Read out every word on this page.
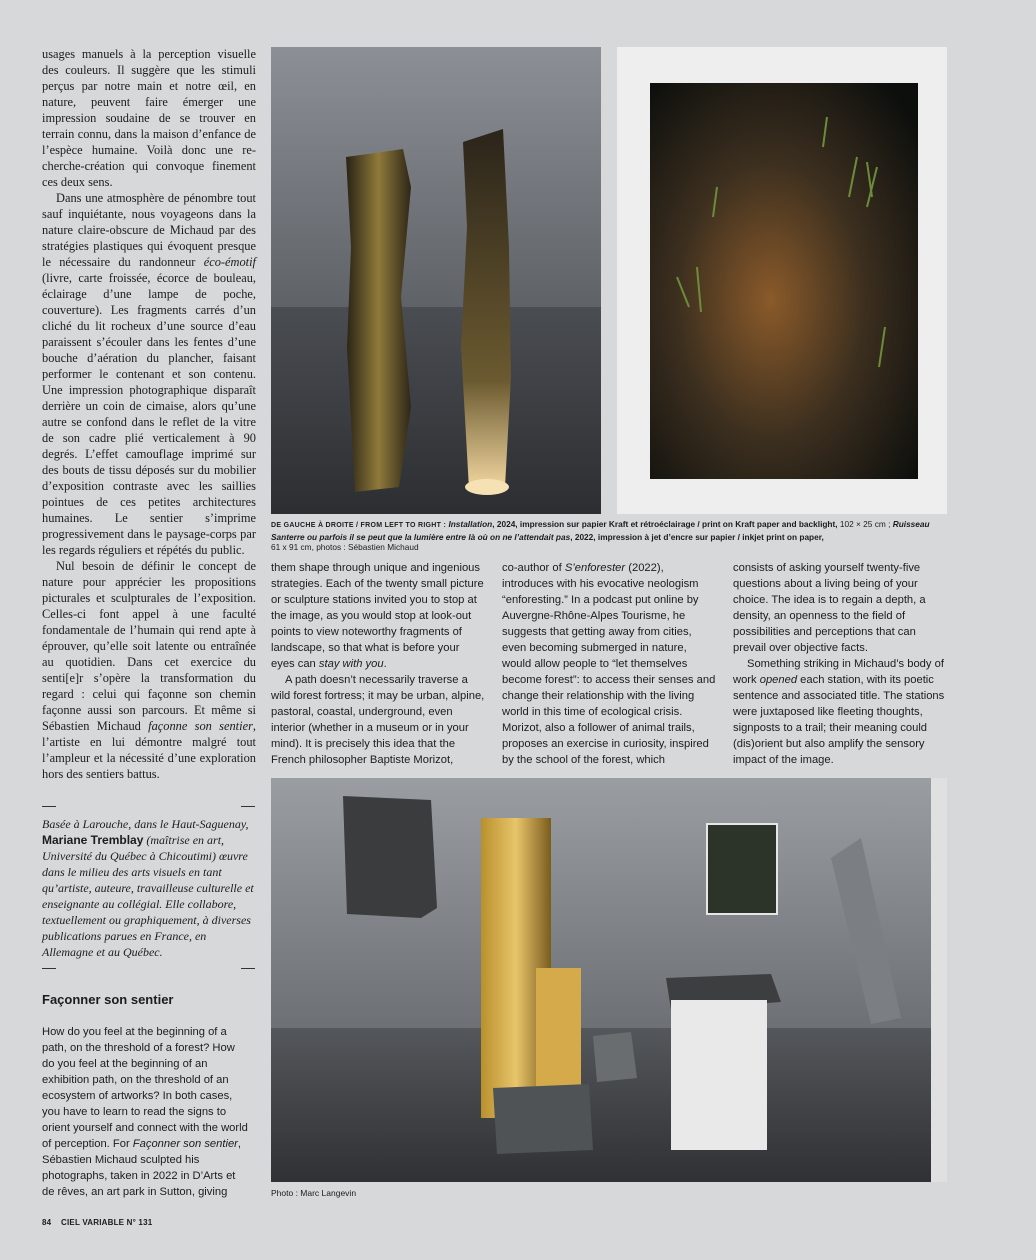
usages manuels à la perception visuelle des couleurs. Il suggère que les stimuli perçus par notre main et notre œil, en nature, peuvent faire émerger une impression soudaine de se trouver en terrain connu, dans la maison d’enfance de l’espèce humaine. Voilà donc une re-cherche-création qui convoque finement ces deux sens.

Dans une atmosphère de pénombre tout sauf inquiétante, nous voyageons dans la nature claire-obscure de Michaud par des stratégies plastiques qui évoquent presque le nécessaire du randonneur éco-émotif (livre, carte froissée, écorce de bouleau, éclairage d’une lampe de poche, couverture). Les fragments carrés d’un cliché du lit rocheux d’une source d’eau paraissent s’écouler dans les fentes d’une bouche d’aération du plancher, faisant performer le contenant et son contenu. Une impression photographique disparaît derrière un coin de cimaise, alors qu’une autre se confond dans le reflet de la vitre de son cadre plié verticalement à 90 degrés. L’effet camouflage imprimé sur des bouts de tissu déposés sur du mobilier d’exposition contraste avec les saillies pointues de ces petites architectures humaines. Le sentier s’imprime progressivement dans le paysage-corps par les regards réguliers et répétés du public.

Nul besoin de définir le concept de nature pour apprécier les propositions picturales et sculpturales de l’exposition. Celles-ci font appel à une faculté fondamentale de l’humain qui rend apte à éprouver, qu’elle soit latente ou entraînée au quotidien. Dans cet exercice du senti[e]r s’opère la transformation du regard : celui qui façonne son chemin façonne aussi son parcours. Et même si Sébastien Michaud façonne son sentier, l’artiste en lui démontre malgré tout l’ampleur et la nécessité d’une exploration hors des sentiers battus.

Basée à Larouche, dans le Haut-Saguenay,
Mariane Tremblay (maîtrise en art, Université du Québec à Chicoutimi) œuvre dans le milieu des arts visuels en tant qu’artiste, auteure, travailleuse culturelle et enseignante au collégial. Elle collabore, textuellement ou graphiquement, à diverses publications parues en France, en Allemagne et au Québec.
Façonner son sentier

How do you feel at the beginning of a path, on the threshold of a forest? How do you feel at the beginning of an exhibition path, on the threshold of an ecosystem of artworks? In both cases, you have to learn to read the signs to orient yourself and connect with the world of perception. For Façonner son sentier, Sébastien Michaud sculpted his photographs, taken in 2022 in D’Arts et de rêves, an art park in Sutton, giving

DE GAUCHE À DROITE / FROM LEFT TO RIGHT : Installation, 2024, impression sur papier Kraft et rétroéclairage / print on Kraft paper and backlight, 102 × 25 cm ; Ruisseau Santerre ou parfois il se peut que la lumière entre là où on ne l’attendait pas, 2022, impression à jet d’encre sur papier / inkjet print on paper,
61 x 91 cm, photos : Sébastien Michaud

them shape through unique and ingenious strategies. Each of the twenty small picture or sculpture stations invited you to stop at the image, as you would stop at look-out points to view noteworthy fragments of landscape, so that what is before your eyes can stay with you.

A path doesn’t necessarily traverse a wild forest fortress; it may be urban, alpine, pastoral, coastal, underground, even interior (whether in a museum or in your mind). It is precisely this idea that the French philosopher Baptiste Morizot,

co-author of S’enforester (2022), introduces with his evocative neologism “enforesting.” In a podcast put online by Auvergne-Rhône-Alpes Tourisme, he suggests that getting away from cities, even becoming submerged in nature, would allow people to “let themselves become forest”: to access their senses and change their relationship with the living world in this time of ecological crisis. Morizot, also a follower of animal trails, proposes an exercise in curiosity, inspired by the school of the forest, which

consists of asking yourself twenty-five questions about a living being of your choice. The idea is to regain a depth, a density, an openness to the field of possibilities and perceptions that can prevail over objective facts.

Something striking in Michaud’s body of work opened each station, with its poetic sentence and associated title. The stations were juxtaposed like fleeting thoughts, signposts to a trail; their meaning could (dis)orient but also amplify the sensory impact of the image.

Photo : Marc Langevin
84 CIEL VARIABLE N° 131
